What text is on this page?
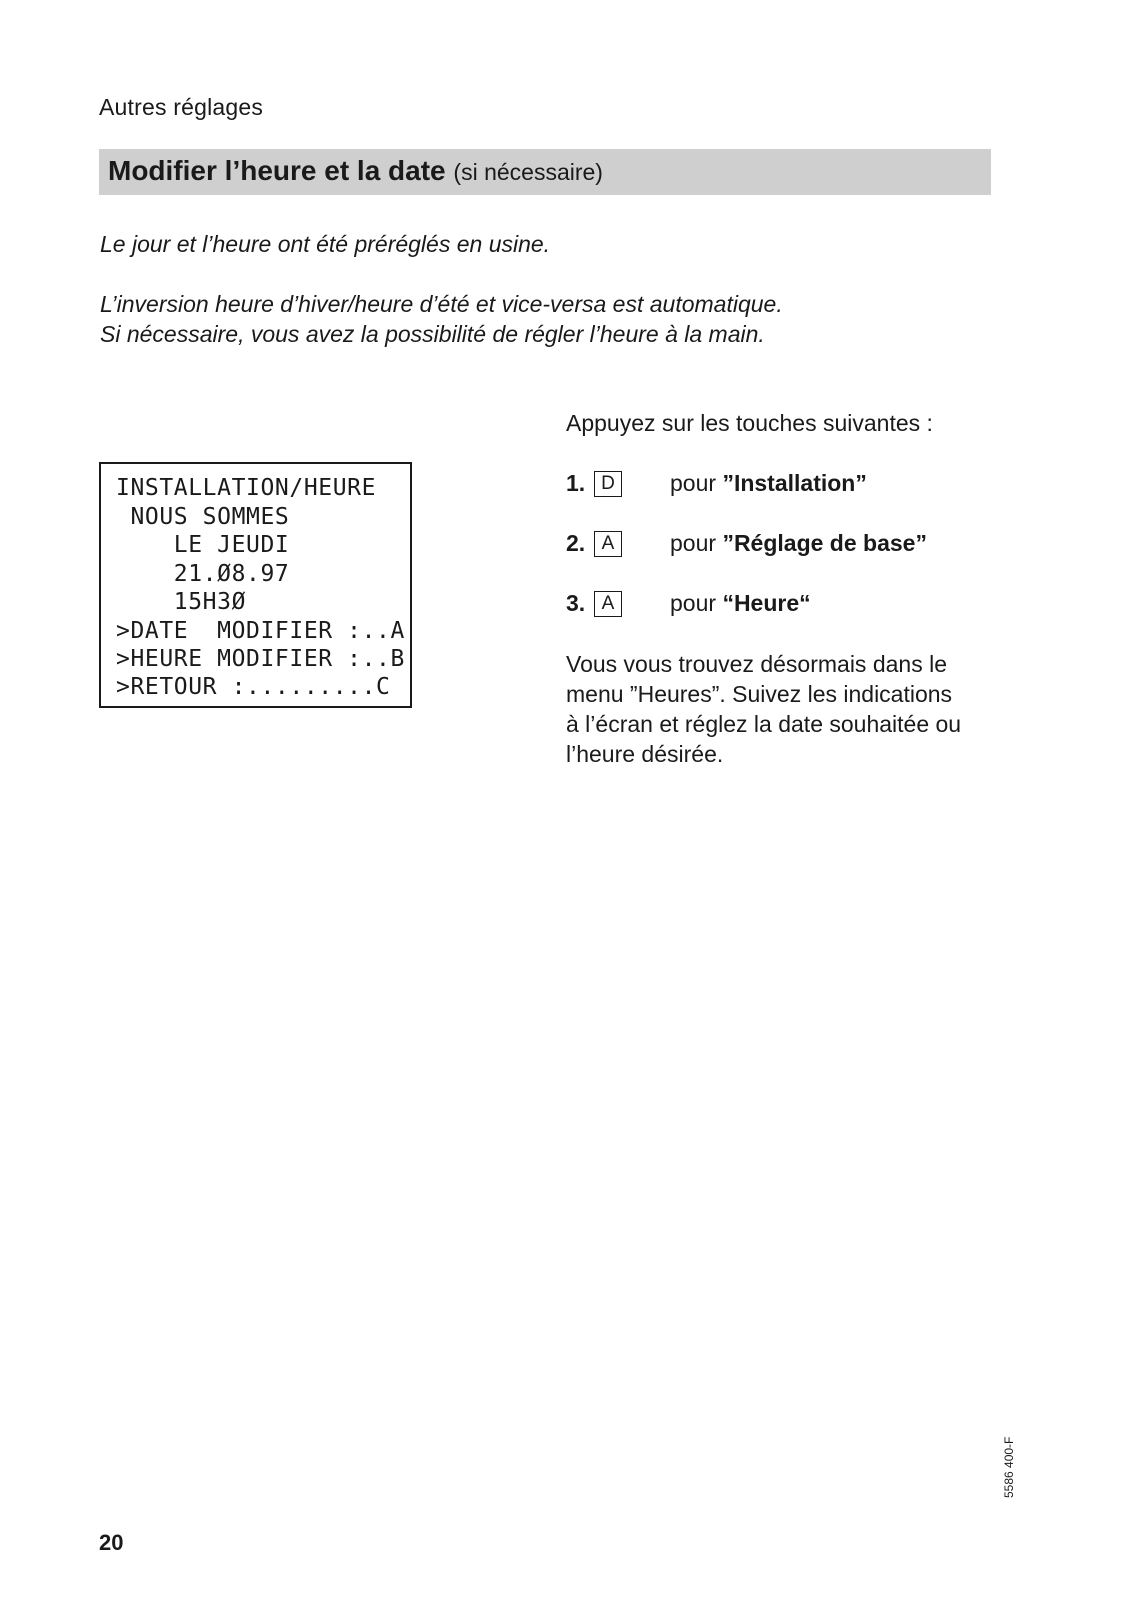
Autres réglages
Modifier l’heure et la date (si nécessaire)
Le jour et l’heure ont été préréglés en usine.
L’inversion heure d’hiver/heure d’été et vice-versa est automatique.
Si nécessaire, vous avez la possibilité de régler l’heure à la main.
INSTALLATION/HEURE
NOUS SOMMES
LE JEUDI
21.Ø8.97
15H3Ø
>DATE  MODIFIER :..A
>HEURE MODIFIER :..B
>RETOUR :.........C
Appuyez sur les touches suivantes :
1. D	pour ”Installation”
2. A	pour ”Réglage de base”
3. A	pour “Heure“
Vous vous trouvez désormais dans le
menu ”Heures”. Suivez les indications
à l’écran et réglez la date souhaitée ou
l’heure désirée.
5586 400-F
20
